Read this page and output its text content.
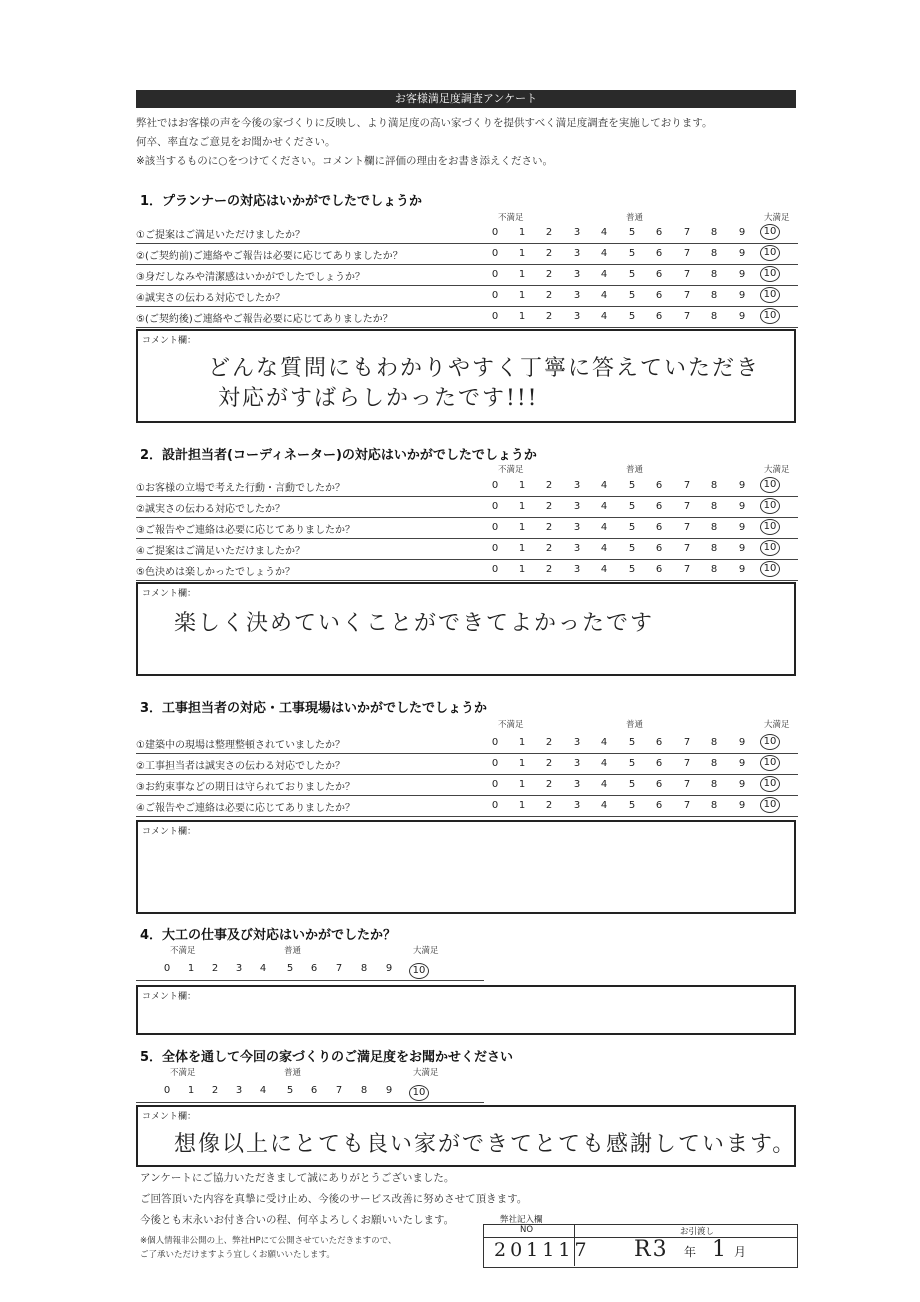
お客様満足度調査アンケート
弊社ではお客様の声を今後の家づくりに反映し、より満足度の高い家づくりを提供すべく満足度調査を実施しております。
何卒、率直なご意見をお聞かせください。
※該当するものに○をつけてください。コメント欄に評価の理由をお書き添えください。
1．プランナーの対応はいかがでしたでしょうか
不満足	普通	大満足
①ご提案はご満足いただけましたか？	0	1	2	3	4	5	6	7	8	9	10
②(ご契約前)ご連絡やご報告は必要に応じてありましたか？	0	1	2	3	4	5	6	7	8	9	10
③身だしなみや清潔感はいかがでしたでしょうか？	0	1	2	3	4	5	6	7	8	9	10
④誠実さの伝わる対応でしたか？	0	1	2	3	4	5	6	7	8	9	10
⑤(ご契約後)ご連絡やご報告必要に応じてありましたか？	0	1	2	3	4	5	6	7	8	9	10
コメント欄：
どんな質問にもわかりやすく丁寧に答えていただき
対応がすばらしかったです!!!
2．設計担当者(コーディネーター)の対応はいかがでしたでしょうか
不満足	普通	大満足
①お客様の立場で考えた行動・言動でしたか？	0	1	2	3	4	5	6	7	8	9	10
②誠実さの伝わる対応でしたか？	0	1	2	3	4	5	6	7	8	9	10
③ご報告やご連絡は必要に応じてありましたか？	0	1	2	3	4	5	6	7	8	9	10
④ご提案はご満足いただけましたか？	0	1	2	3	4	5	6	7	8	9	10
⑤色決めは楽しかったでしょうか？	0	1	2	3	4	5	6	7	8	9	10
コメント欄：
楽しく決めていくことができてよかったです
3．工事担当者の対応・工事現場はいかがでしたでしょうか
不満足	普通	大満足
①建築中の現場は整理整頓されていましたか？	0	1	2	3	4	5	6	7	8	9	10
②工事担当者は誠実さの伝わる対応でしたか？	0	1	2	3	4	5	6	7	8	9	10
③お約束事などの期日は守られておりましたか？	0	1	2	3	4	5	6	7	8	9	10
④ご報告やご連絡は必要に応じてありましたか？	0	1	2	3	4	5	6	7	8	9	10
コメント欄：
4．大工の仕事及び対応はいかがでしたか？
不満足	普通	大満足
0	1	2	3	4	5	6	7	8	9	10
コメント欄：
5．全体を通して今回の家づくりのご満足度をお聞かせください
不満足	普通	大満足
0	1	2	3	4	5	6	7	8	9	10
コメント欄：
想像以上にとても良い家ができてとても感謝しています。
アンケートにご協力いただきまして誠にありがとうございました。
ご回答頂いた内容を真摯に受け止め、今後のサービス改善に努めさせて頂きます。
今後とも末永いお付き合いの程、何卒よろしくお願いいたします。
※個人情報非公開の上、弊社HPにて公開させていただきますので、
ご了承いただけますよう宜しくお願いいたします。
弊社記入欄
NO	お引渡し
201117 R3 年 1 月
